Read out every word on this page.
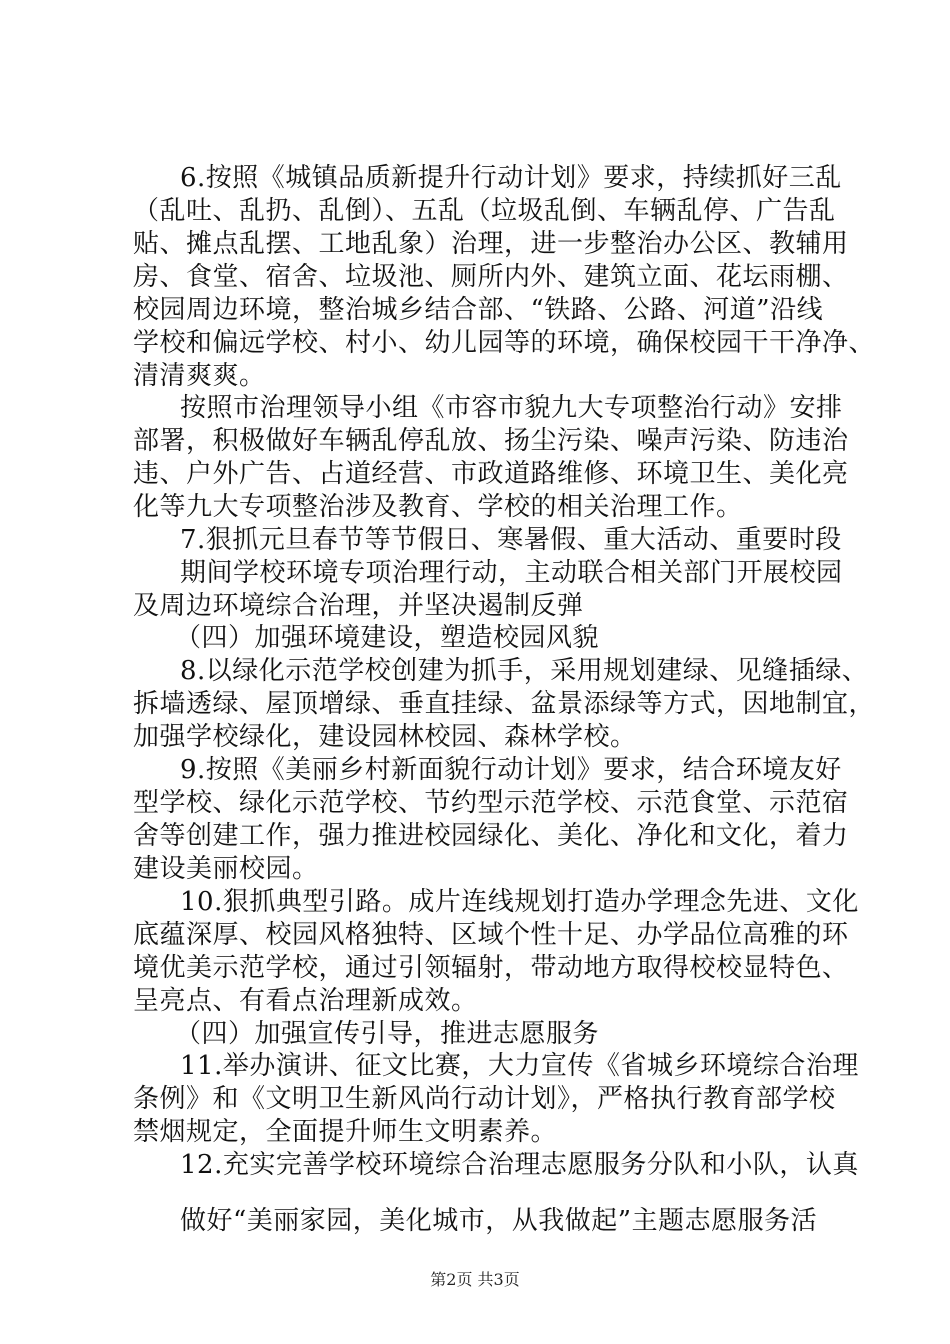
6.按照《城镇品质新提升行动计划》要求，持续抓好三乱
（乱吐、乱扔、乱倒）、五乱（垃圾乱倒、车辆乱停、广告乱
贴、摊点乱摆、工地乱象）治理，进一步整治办公区、教辅用
房、食堂、宿舍、垃圾池、厕所内外、建筑立面、花坛雨棚、
校园周边环境，整治城乡结合部、“铁路、公路、河道”沿线
学校和偏远学校、村小、幼儿园等的环境，确保校园干干净净、
清清爽爽。
按照市治理领导小组《市容市貌九大专项整治行动》安排
部署，积极做好车辆乱停乱放、扬尘污染、噪声污染、防违治
违、户外广告、占道经营、市政道路维修、环境卫生、美化亮
化等九大专项整治涉及教育、学校的相关治理工作。
7.狠抓元旦春节等节假日、寒暑假、重大活动、重要时段
期间学校环境专项治理行动，主动联合相关部门开展校园
及周边环境综合治理，并坚决遏制反弹
（四）加强环境建设，塑造校园风貌
8.以绿化示范学校创建为抓手，采用规划建绿、见缝插绿、
拆墙透绿、屋顶增绿、垂直挂绿、盆景添绿等方式，因地制宜，
加强学校绿化，建设园林校园、森林学校。
9.按照《美丽乡村新面貌行动计划》要求，结合环境友好
型学校、绿化示范学校、节约型示范学校、示范食堂、示范宿
舍等创建工作，强力推进校园绿化、美化、净化和文化，着力
建设美丽校园。
10.狠抓典型引路。成片连线规划打造办学理念先进、文化
底蕴深厚、校园风格独特、区域个性十足、办学品位高雅的环
境优美示范学校，通过引领辐射，带动地方取得校校显特色、
呈亮点、有看点治理新成效。
（四）加强宣传引导，推进志愿服务
11.举办演讲、征文比赛，大力宣传《省城乡环境综合治理
条例》和《文明卫生新风尚行动计划》，严格执行教育部学校
禁烟规定，全面提升师生文明素养。
12.充实完善学校环境综合治理志愿服务分队和小队，认真
做好“美丽家园，美化城市，从我做起”主题志愿服务活
第2页 共3页
